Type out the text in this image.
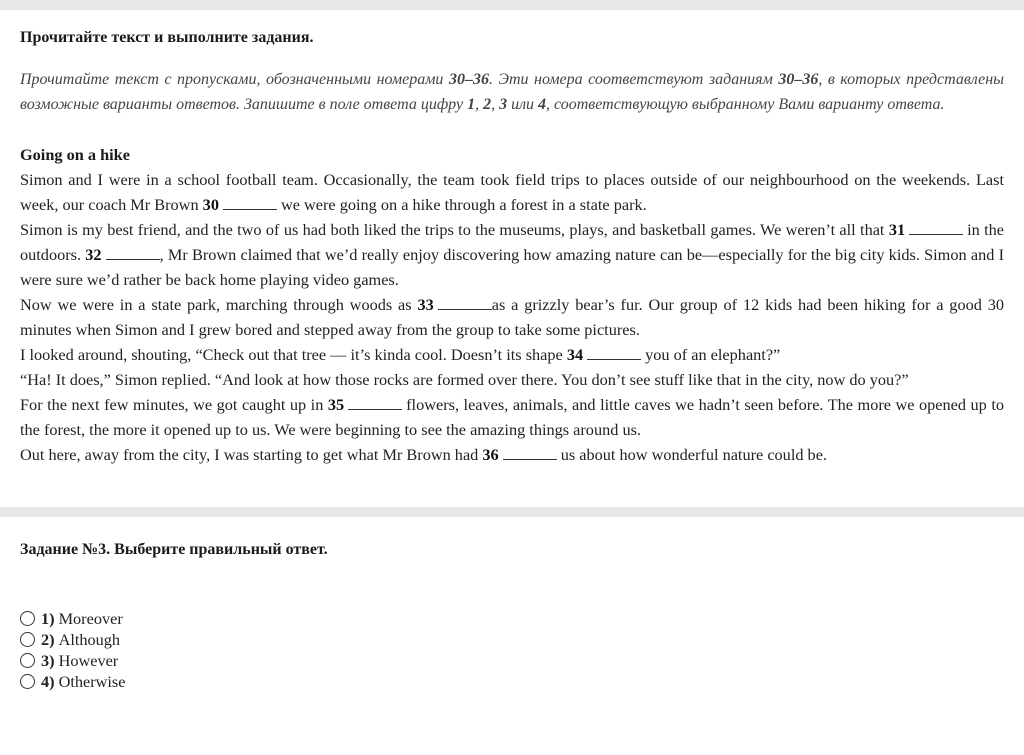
Прочитайте текст и выполните задания.
Прочитайте текст с пропусками, обозначенными номерами 30–36. Эти номера соответствуют заданиям 30–36, в которых представлены возможные варианты ответов. Запишите в поле ответа цифру 1, 2, 3 или 4, соответствующую выбранному Вами варианту ответа.
Going on a hike

Simon and I were in a school football team. Occasionally, the team took field trips to places outside of our neighbourhood on the weekends. Last week, our coach Mr Brown 30	we were going on a hike through a forest in a state park.

Simon is my best friend, and the two of us had both liked the trips to the museums, plays, and basketball games. We weren’t all that 31	in the outdoors. 32	, Mr Brown claimed that we’d really enjoy discovering how amazing nature can be—especially for the big city kids. Simon and I were sure we’d rather be back home playing video games.

Now we were in a state park, marching through woods as 33	as a grizzly bear’s fur. Our group of 12 kids had been hiking for a good 30 minutes when Simon and I grew bored and stepped away from the group to take some pictures.

I looked around, shouting, “Check out that tree — it’s kinda cool. Doesn’t its shape 34	you of an elephant?”

“Ha! It does,” Simon replied. “And look at how those rocks are formed over there. You don’t see stuff like that in the city, now do you?”

For the next few minutes, we got caught up in 35	flowers, leaves, animals, and little caves we hadn’t seen before. The more we opened up to the forest, the more it opened up to us. We were beginning to see the amazing things around us.

Out here, away from the city, I was starting to get what Mr Brown had 36	us about how wonderful nature could be.

Задание №3. Выберите правильный ответ.
1) Moreover
2) Although
3) However
4) Otherwise
